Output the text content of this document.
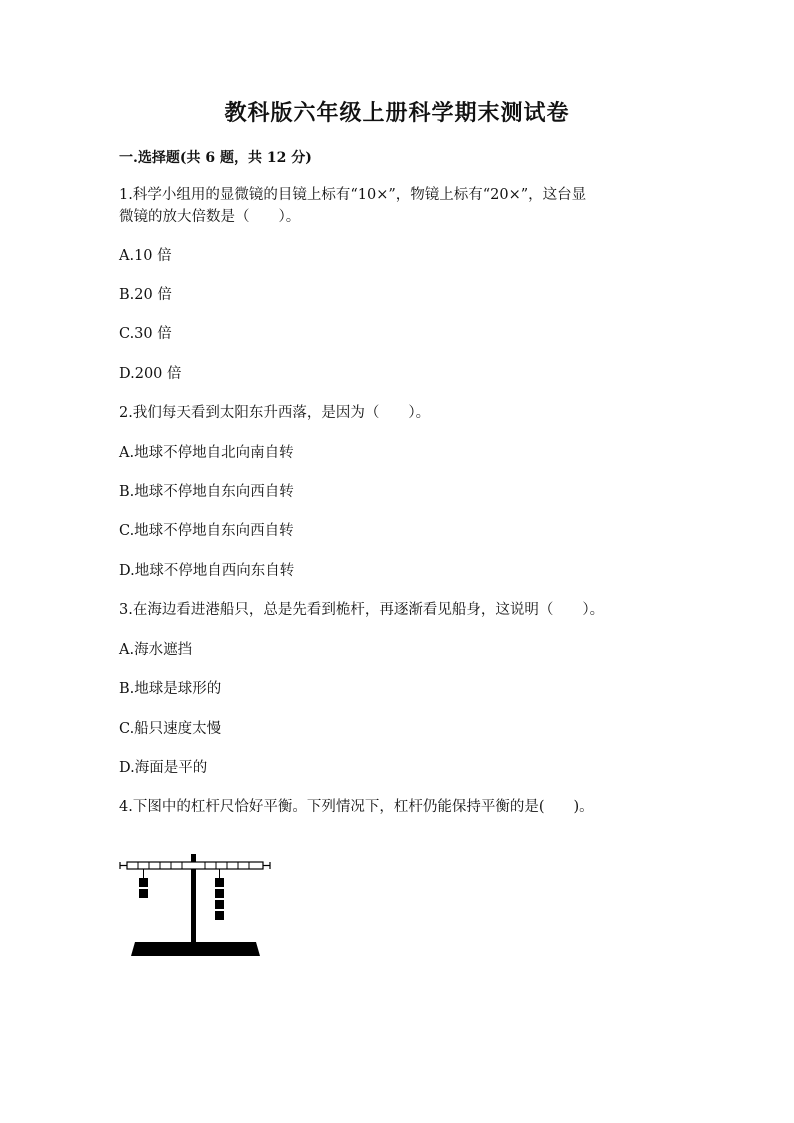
教科版六年级上册科学期末测试卷
一.选择题(共 6 题，共 12 分)
1.科学小组用的显微镜的目镜上标有“10×”，物镜上标有“20×”，这台显
微镜的放大倍数是（　　）。
A.10 倍
B.20 倍
C.30 倍
D.200 倍
2.我们每天看到太阳东升西落，是因为（　　）。
A.地球不停地自北向南自转
B.地球不停地自东向西自转
C.地球不停地自东向西自转
D.地球不停地自西向东自转
3.在海边看进港船只，总是先看到桅杆，再逐渐看见船身，这说明（　　）。
A.海水遮挡
B.地球是球形的
C.船只速度太慢
D.海面是平的
4.下图中的杠杆尺恰好平衡。下列情况下，杠杆仍能保持平衡的是(　　)。
